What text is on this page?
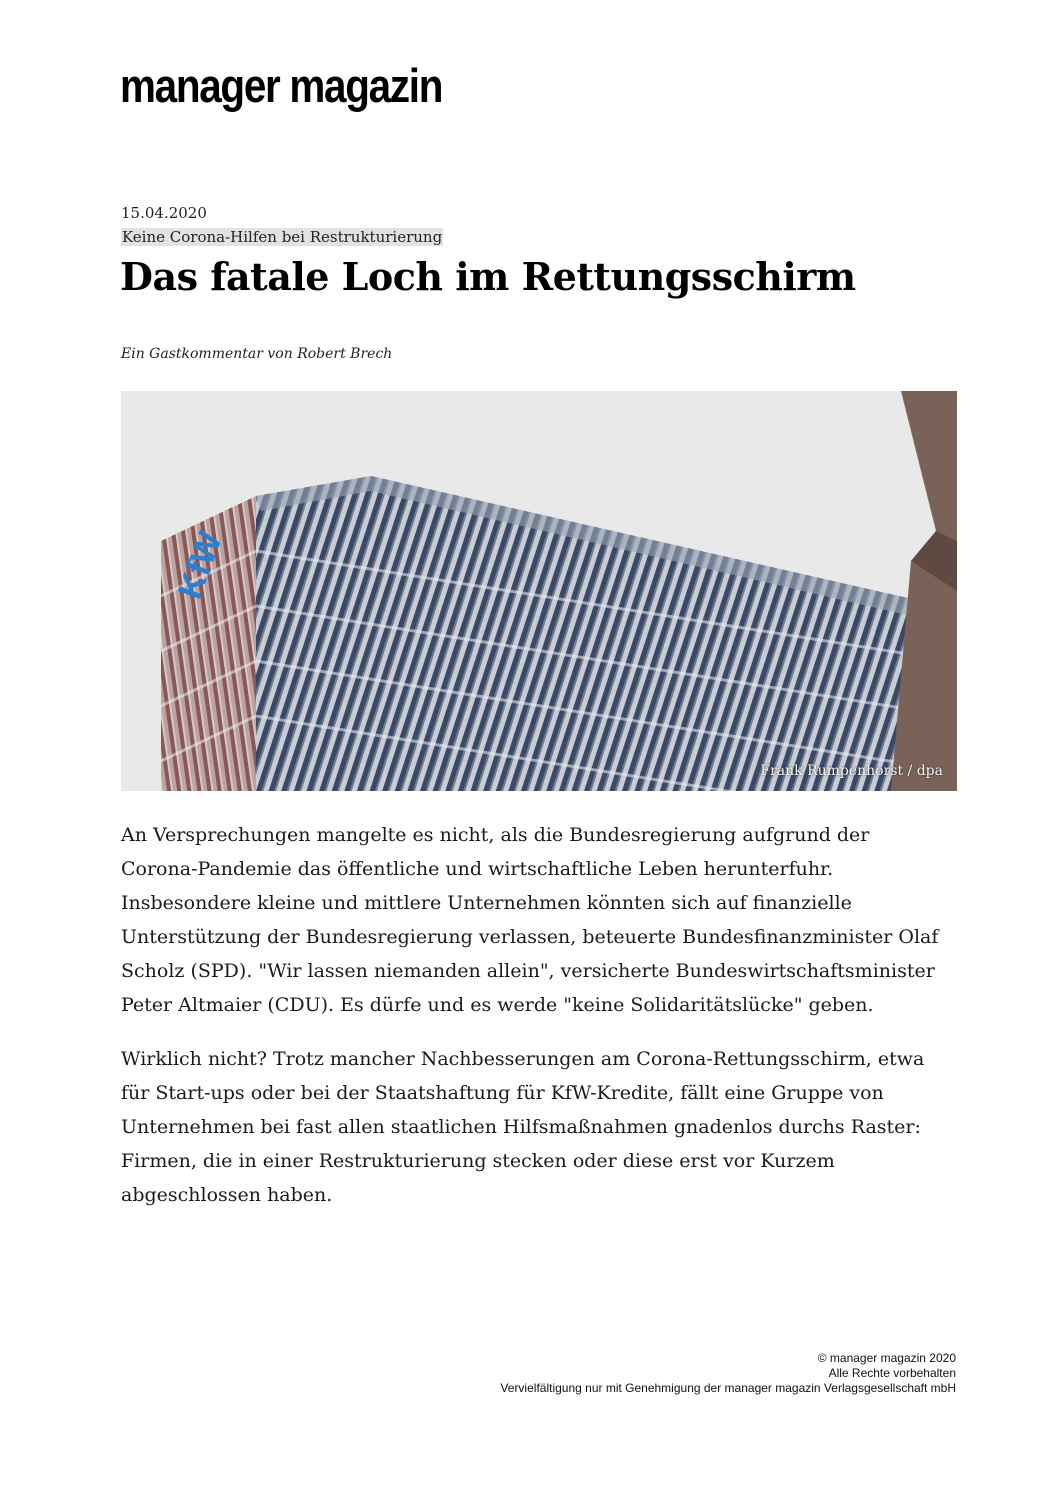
manager magazin
15.04.2020
Keine Corona-Hilfen bei Restrukturierung
Das fatale Loch im Rettungsschirm
Ein Gastkommentar von Robert Brech
KfW
Frank Rumpenhorst / dpa

An Versprechungen mangelte es nicht, als die Bundesregierung aufgrund der Corona-Pandemie das öffentliche und wirtschaftliche Leben herunterfuhr. Insbesondere kleine und mittlere Unternehmen könnten sich auf finanzielle Unterstützung der Bundesregierung verlassen, beteuerte Bundesfinanzminister Olaf Scholz (SPD). "Wir lassen niemanden allein", versicherte Bundeswirtschaftsminister Peter Altmaier (CDU). Es dürfe und es werde "keine Solidaritätslücke" geben.

Wirklich nicht? Trotz mancher Nachbesserungen am Corona-Rettungsschirm, etwa für Start-ups oder bei der Staatshaftung für KfW-Kredite, fällt eine Gruppe von Unternehmen bei fast allen staatlichen Hilfsmaßnahmen gnadenlos durchs Raster: Firmen, die in einer Restrukturierung stecken oder diese erst vor Kurzem abgeschlossen haben.

© manager magazin 2020
Alle Rechte vorbehalten
Vervielfältigung nur mit Genehmigung der manager magazin Verlagsgesellschaft mbH
